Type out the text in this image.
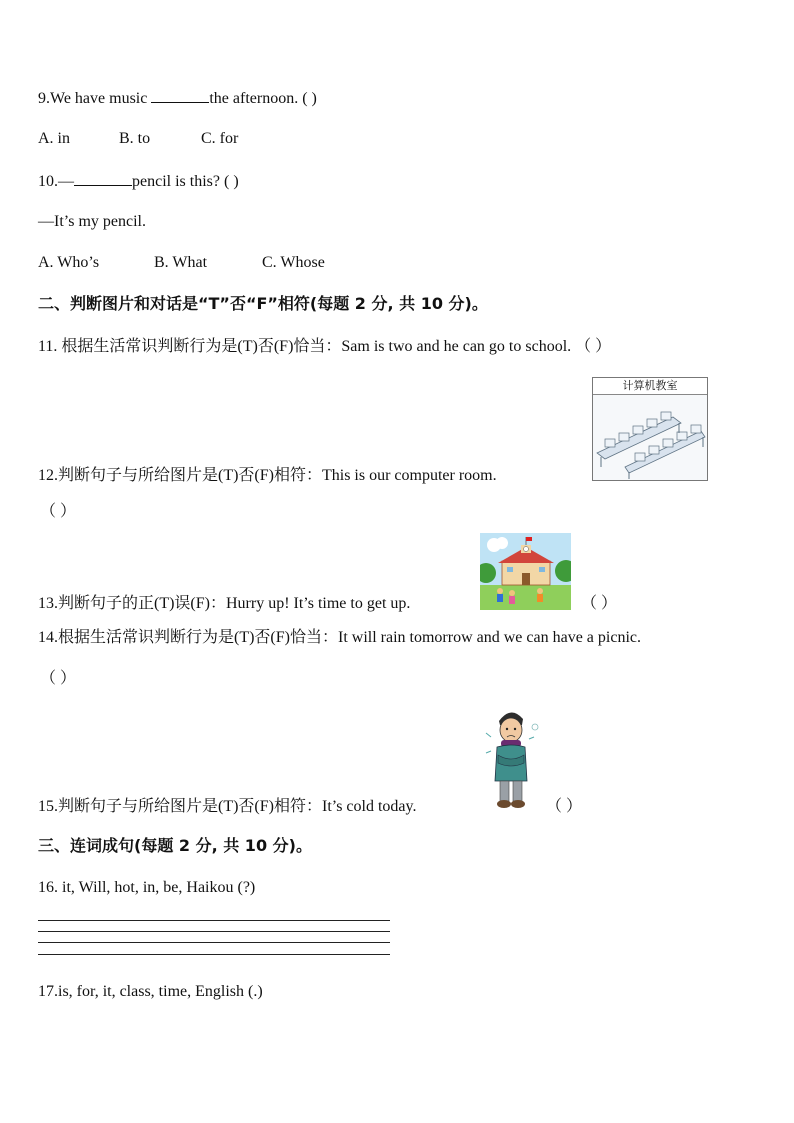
9.We have music	the afternoon. ( )
A. in	B. to	C. for
10.—	pencil is this? ( )
—It’s my pencil.
A. Who’s	B. What	C. Whose
二、判断图片和对话是“T”否“F”相符(每题 2 分, 共 10 分)。
11. 根据生活常识判断行为是(T)否(F)恰当：Sam is two and he can go to school. （ ）
计算机教室
12.判断句子与所给图片是(T)否(F)相符：This is our computer room.
（ ）
13.判断句子的正(T)误(F)：Hurry up! It’s time to get up.	（ ）
14.根据生活常识判断行为是(T)否(F)恰当：It will rain tomorrow and we can have a picnic.
（ ）
15.判断句子与所给图片是(T)否(F)相符：It’s cold today.	（ ）
三、连词成句(每题 2 分, 共 10 分)。
16. it, Will, hot, in, be, Haikou (?)
17.is, for, it, class, time, English (.)
